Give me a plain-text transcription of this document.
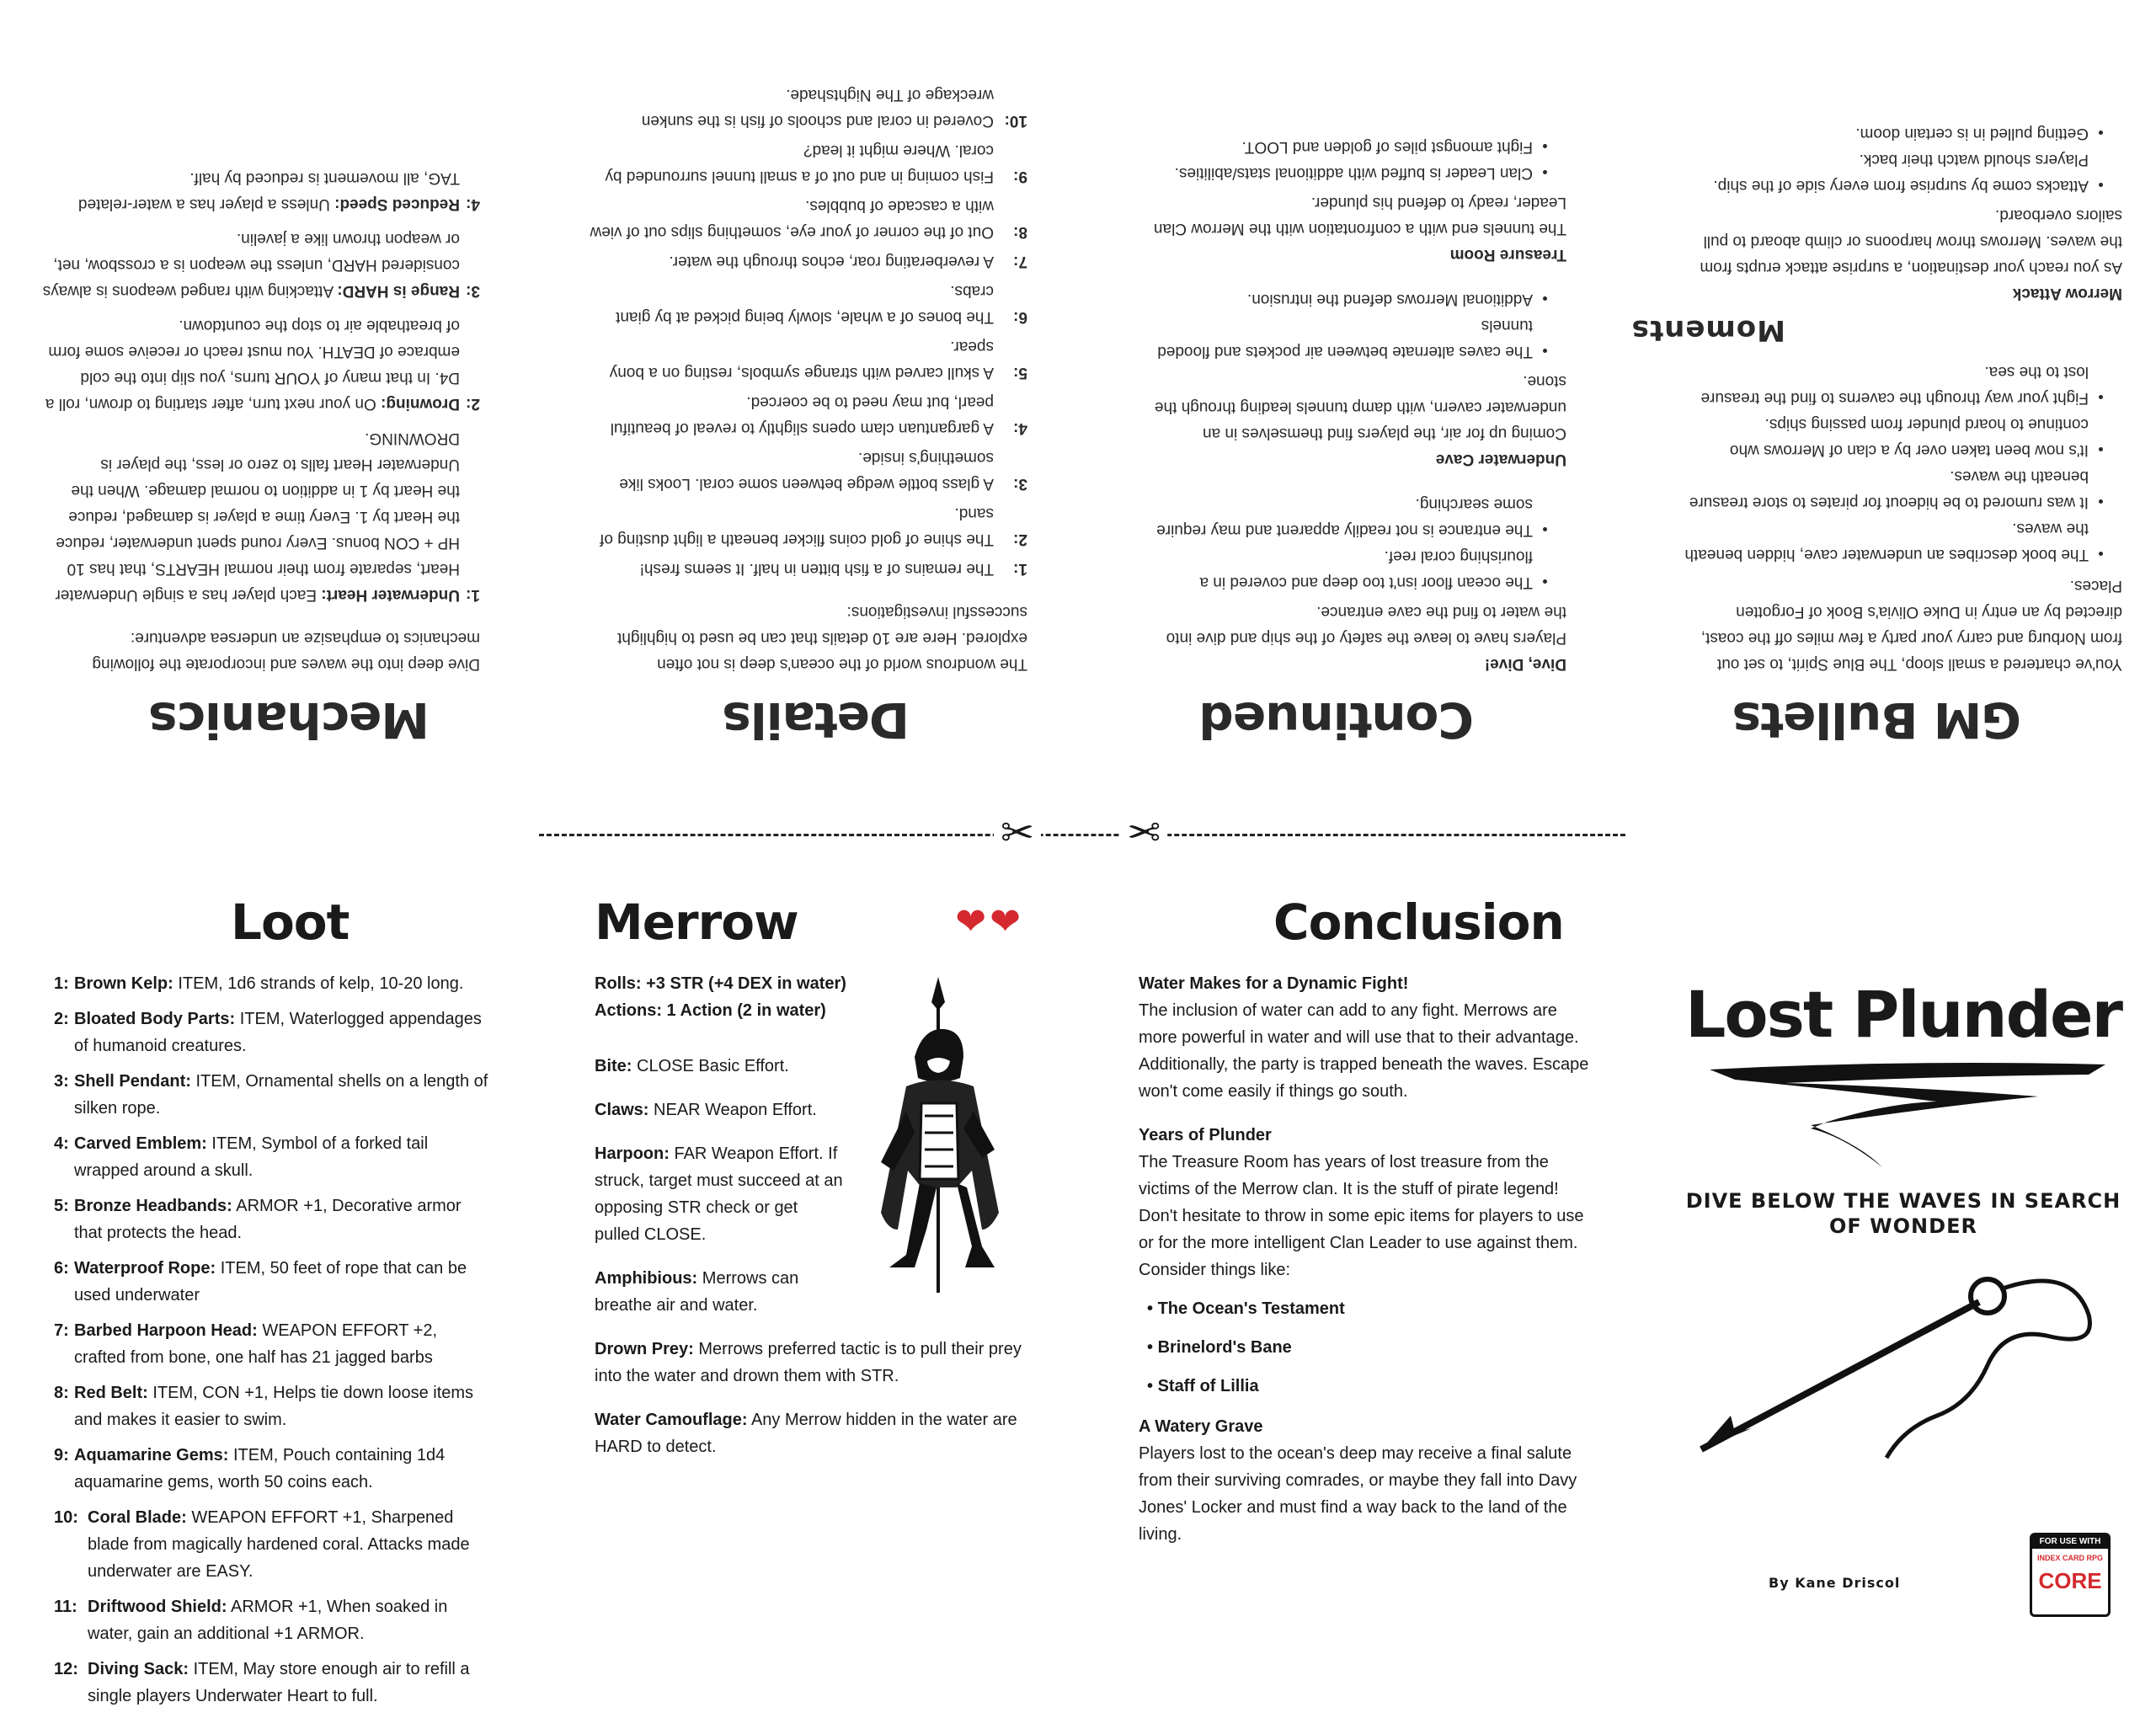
Mechanics
Dive deep into the waves and incorporate the following mechanics to emphasize an undersea adventure:
1:
Underwater Heart: Each player has a single Underwater Heart, separate from their normal HEARTS, that has 10 HP + CON bonus. Every round spent underwater, reduce the Heart by 1. Every time a player is damaged, reduce the Heart by 1 in addition to normal damage. When the Underwater Heart falls to zero or less, the player is DROWNING.
2:
Drowning: On your next turn, after starting to drown, roll a D4. In that many of YOUR turns, you slip into the cold embrace of DEATH. You must reach or receive some form of breathable air to stop the countdown.
3:
Range is HARD: Attacking with ranged weapons is always considered HARD, unless the weapon is a crossbow, net, or weapon thrown like a javelin.
4:
Reduced Speed: Unless a player has a water-related TAG, all movement is reduced by half.
Details
The wondrous world of the ocean's deep is not often explored. Here are 10 details that can be used to highlight successful investigations:
1:
The remains of a fish bitten in half. It seems fresh!
2:
The shine of gold coins flicker beneath a light dusting of sand.
3:
A glass bottle wedge between some coral. Looks like something's inside.
4:
A gargantuan clam opens slightly to reveal of beautiful pearl, but may need to be coerced.
5:
A skull carved with strange symbols, resting on a bony spear.
6:
The bones of a whale, slowly being picked at by giant crabs.
7:
A reverberating roar, echos through the water.
8:
Out of the corner of your eye, something slips out of view with a cascade of bubbles.
9:
Fish coming in and out of a small tunnel surrounded by coral. Where might it lead?
10:
Covered in coral and schools of fish is the sunken wreckage of The Nightshade.
Continued
Dive, Dive!
Players have to leave the safety of the ship and dive into the water to find the cave entrance.
• The ocean floor isn't too deep and covered in a flourishing coral reef.
• The entrance is not readily apparent and may require some searching.
Underwater Cave
Coming up for air, the players find themselves in an underwater cavern, with damp tunnels leading through the stone.
• The caves alternate between air pockets and flooded tunnels
• Additional Merrows defend the intrusion.
Treasure Room
The tunnels end with a confrontation with the Merrow Clan Leader, ready to defend his plunder.
• Clan Leader is buffed with additional stats/abilities.
• Fight amongst piles of golden and LOOT.
GM Bullets
You've chartered a small sloop, The Blue Spirit, to set out from Norburg and carry your party a few miles off the coast, directed by an entry in Duke Olivia's Book of Forgotten Places.
• The book describes an underwater cave, hidden beneath the waves.
• It was rumored to be hideout for pirates to store treasure beneath the waves.
• It's now been taken over by a clan of Merrows who continue to hoard plunder from passing ships.
• Fight your way through the caverns to find the treasure lost to the sea.
Moments
Merrow Attack
As you reach your destination, a surprise attack erupts from the waves. Merrows throw harpoons or climb aboard to pull sailors overboard.
• Attacks come by surprise from every side of the ship. Players should watch their back.
• Getting pulled in is certain doom.
✂ ✂
Loot
1: Brown Kelp: ITEM, 1d6 strands of kelp, 10-20 long.
2: Bloated Body Parts: ITEM, Waterlogged appendages of humanoid creatures.
3: Shell Pendant: ITEM, Ornamental shells on a length of silken rope.
4: Carved Emblem: ITEM, Symbol of a forked tail wrapped around a skull.
5: Bronze Headbands: ARMOR +1, Decorative armor that protects the head.
6: Waterproof Rope: ITEM, 50 feet of rope that can be used underwater
7: Barbed Harpoon Head: WEAPON EFFORT +2, crafted from bone, one half has 21 jagged barbs
8: Red Belt: ITEM, CON +1, Helps tie down loose items and makes it easier to swim.
9: Aquamarine Gems: ITEM, Pouch containing 1d4 aquamarine gems, worth 50 coins each.
10: Coral Blade: WEAPON EFFORT +1, Sharpened blade from magically hardened coral. Attacks made underwater are EASY.
11: Driftwood Shield: ARMOR +1, When soaked in water, gain an additional +1 ARMOR.
12: Diving Sack: ITEM, May store enough air to refill a single players Underwater Heart to full.
Merrow	❤❤
Rolls: +3 STR (+4 DEX in water)
Actions: 1 Action (2 in water)
Bite: CLOSE Basic Effort.
Claws: NEAR Weapon Effort.
Harpoon: FAR Weapon Effort. If struck, target must succeed at an opposing STR check or get pulled CLOSE.
Amphibious: Merrows can breathe air and water.
Drown Prey: Merrows preferred tactic is to pull their prey into the water and drown them with STR.
Water Camouflage: Any Merrow hidden in the water are HARD to detect.
Conclusion
Water Makes for a Dynamic Fight!
The inclusion of water can add to any fight. Merrows are more powerful in water and will use that to their advantage. Additionally, the party is trapped beneath the waves. Escape won't come easily if things go south.
Years of Plunder
The Treasure Room has years of lost treasure from the victims of the Merrow clan. It is the stuff of pirate legend! Don't hesitate to throw in some epic items for players to use or for the more intelligent Clan Leader to use against them. Consider things like:
• The Ocean's Testament
• Brinelord's Bane
• Staff of Lillia
A Watery Grave
Players lost to the ocean's deep may receive a final salute from their surviving comrades, or maybe they fall into Davy Jones' Locker and must find a way back to the land of the living.
Lost Plunder
DIVE BELOW THE WAVES IN SEARCH OF WONDER
By Kane Driscol
FOR USE WITH
INDEX CARD RPG
CORE
